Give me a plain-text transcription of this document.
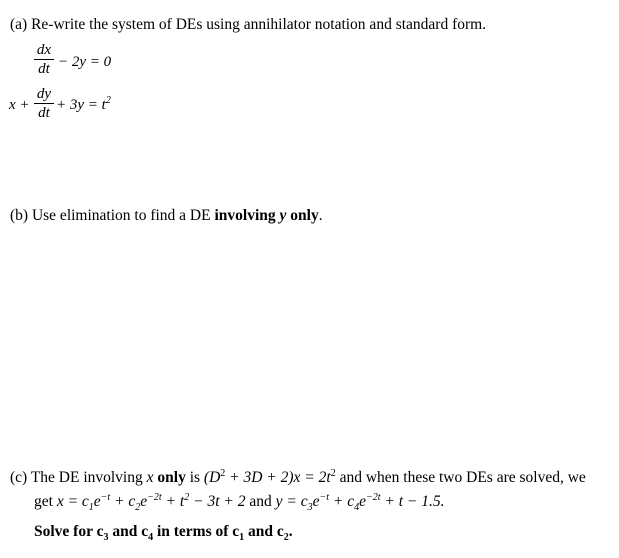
(a) Re-write the system of DEs using annihilator notation and standard form.
dx
dt − 2y = 0
x +
dy
dt + $3y = t^2$
(b) Use elimination to find a DE involving y only.
(c) The DE involving x only is $(D^2 + 3D + 2)x = 2t^2$ and when these two DEs are solved, we
get $x = c_1e^{-t} + c_2e^{-2t} + t^2 - 3t + 2$ and $y = c_3e^{-t} + c_4e^{-2t} + t - 1.5$.
Solve for $c_3$ and $c_4$ in terms of $c_1$ and $c_2$.
